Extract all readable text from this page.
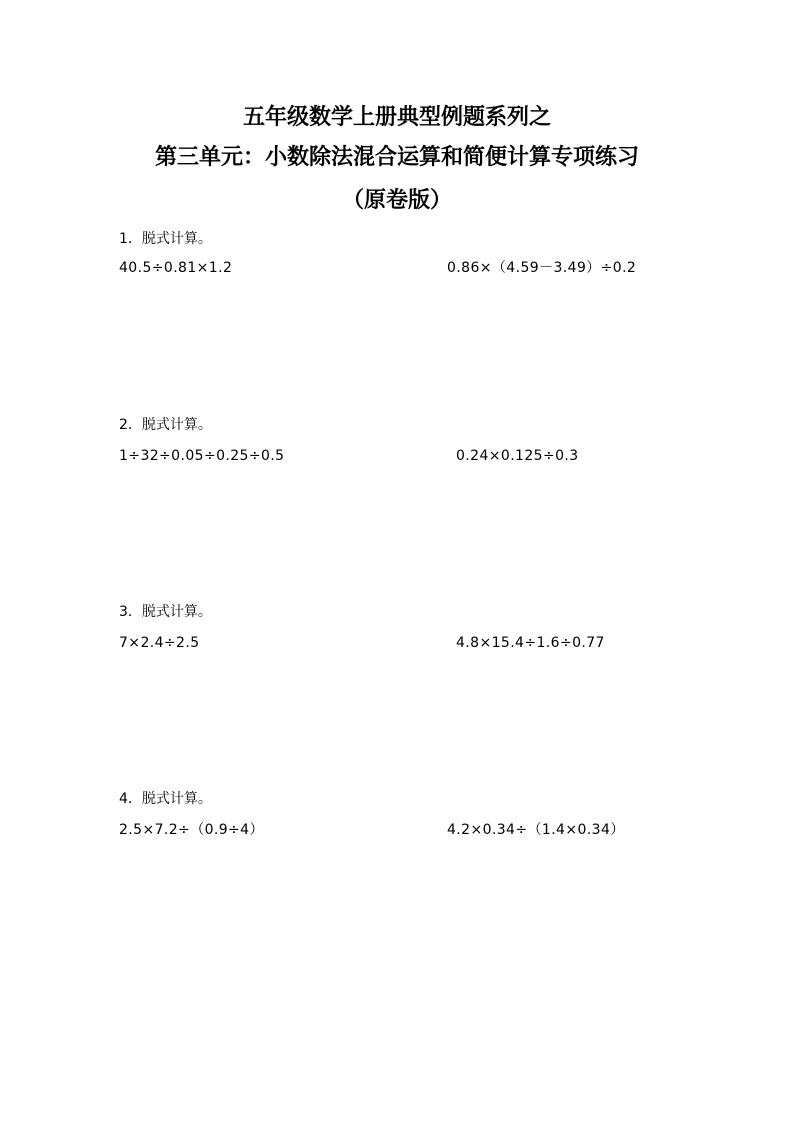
五年级数学上册典型例题系列之
第三单元：小数除法混合运算和简便计算专项练习
（原卷版）
1．脱式计算。
40.5÷0.81×1.2	0.86×（4.59－3.49）÷0.2
2．脱式计算。
1÷32÷0.05÷0.25÷0.5	0.24×0.125÷0.3
3．脱式计算。
7×2.4÷2.5	4.8×15.4÷1.6÷0.77
4．脱式计算。
2.5×7.2÷（0.9÷4）	4.2×0.34÷（1.4×0.34）
